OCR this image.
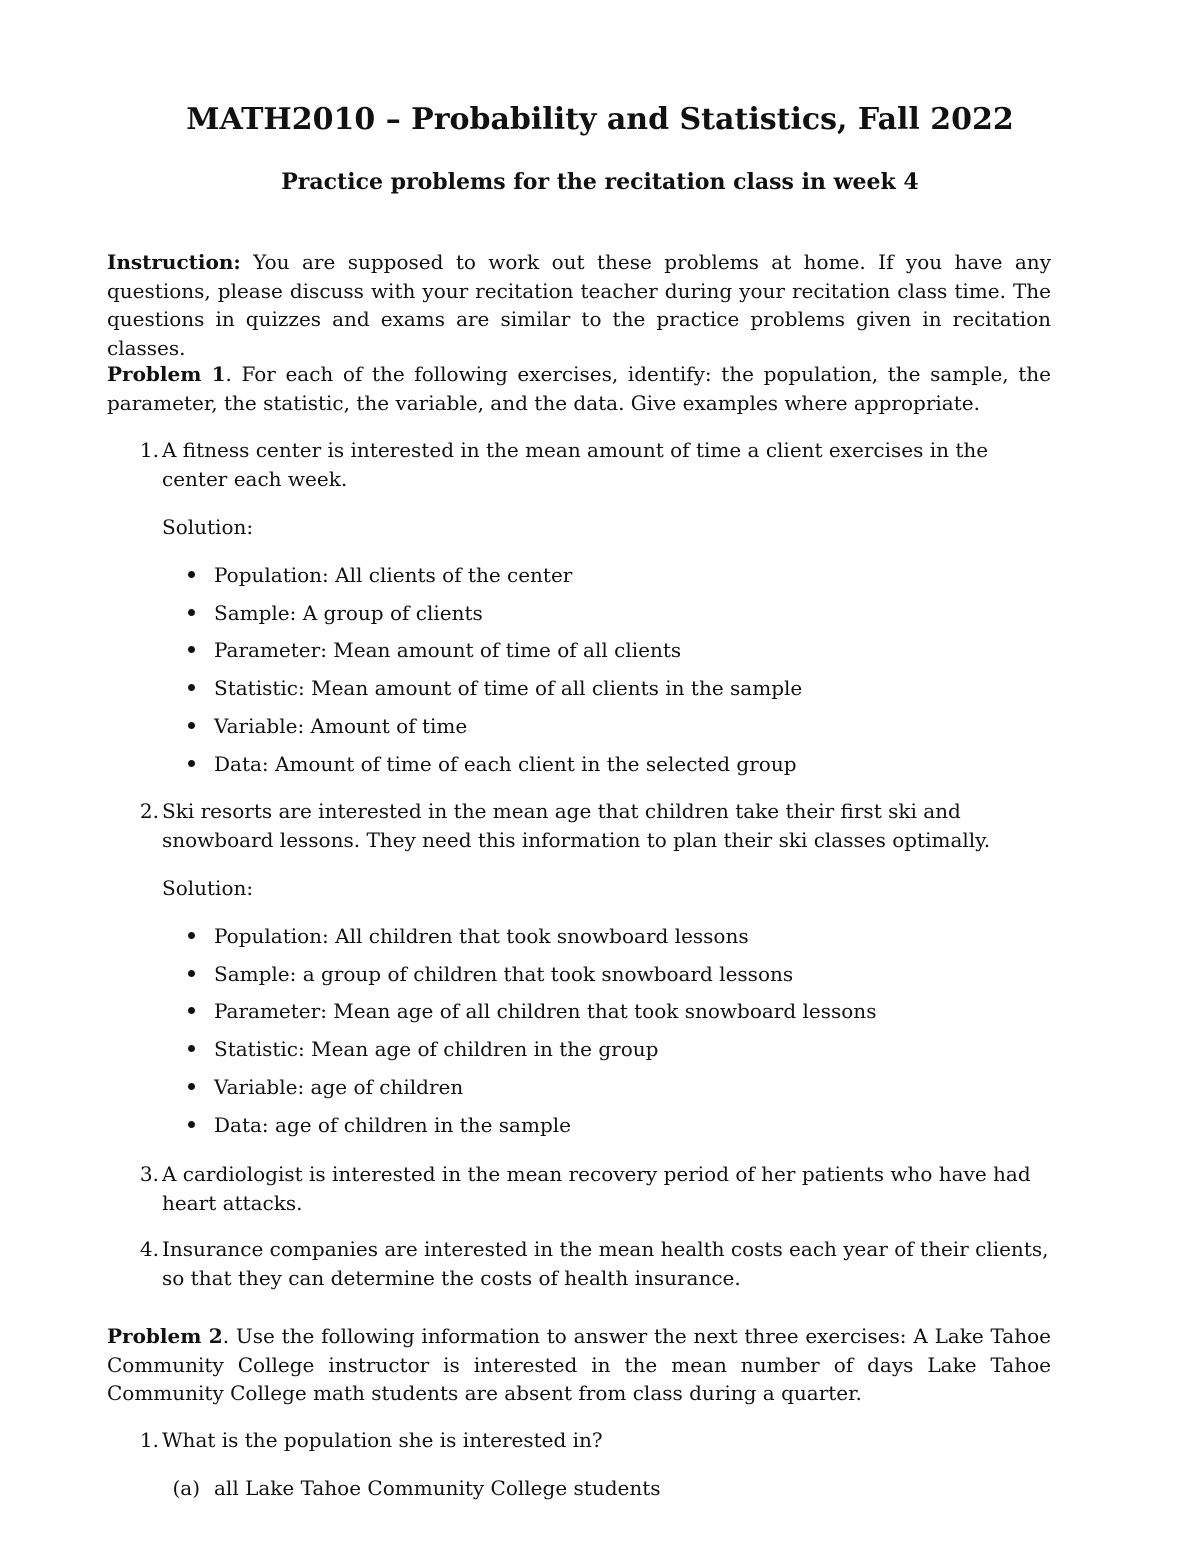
MATH2010 – Probability and Statistics, Fall 2022
Practice problems for the recitation class in week 4
Instruction: You are supposed to work out these problems at home. If you have any questions, please discuss with your recitation teacher during your recitation class time. The questions in quizzes and exams are similar to the practice problems given in recitation classes.
Problem 1. For each of the following exercises, identify: the population, the sample, the parameter, the statistic, the variable, and the data. Give examples where appropriate.
1. A fitness center is interested in the mean amount of time a client exercises in the center each week.
Solution:
Population: All clients of the center
Sample: A group of clients
Parameter: Mean amount of time of all clients
Statistic: Mean amount of time of all clients in the sample
Variable: Amount of time
Data: Amount of time of each client in the selected group
2. Ski resorts are interested in the mean age that children take their first ski and snowboard lessons. They need this information to plan their ski classes optimally.
Solution:
Population: All children that took snowboard lessons
Sample: a group of children that took snowboard lessons
Parameter: Mean age of all children that took snowboard lessons
Statistic: Mean age of children in the group
Variable: age of children
Data: age of children in the sample
3. A cardiologist is interested in the mean recovery period of her patients who have had heart attacks.
4. Insurance companies are interested in the mean health costs each year of their clients, so that they can determine the costs of health insurance.
Problem 2. Use the following information to answer the next three exercises: A Lake Tahoe Community College instructor is interested in the mean number of days Lake Tahoe Community College math students are absent from class during a quarter.
1. What is the population she is interested in?
(a) all Lake Tahoe Community College students
